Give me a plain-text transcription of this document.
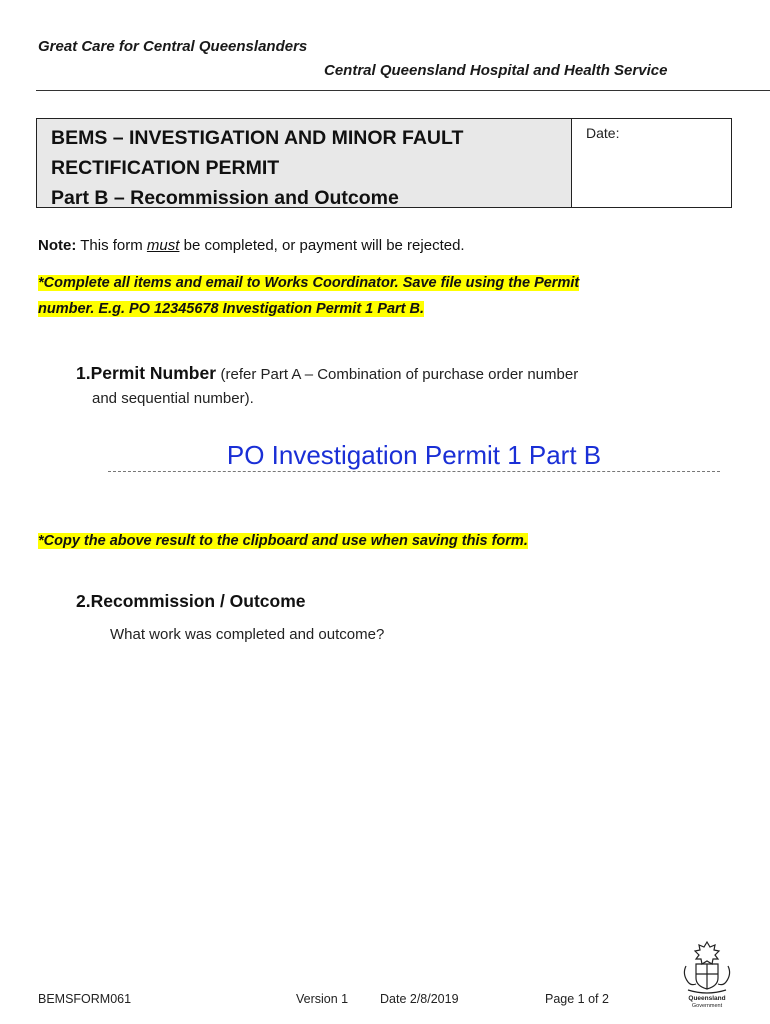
Great Care for Central Queenslanders
Central Queensland Hospital and Health Service
BEMS – INVESTIGATION AND MINOR FAULT
RECTIFICATION PERMIT
Part B – Recommission and Outcome
Date:
Note: This form must be completed, or payment will be rejected.
*Complete all items and email to Works Coordinator. Save file using the Permit
number. E.g. PO 12345678 Investigation Permit 1 Part B.
1.Permit Number (refer Part A – Combination of purchase order number
and sequential number).
PO Investigation Permit 1 Part B
*Copy the above result to the clipboard and use when saving this form.
2.Recommission / Outcome
What work was completed and outcome?
BEMSFORM061	Version 1	Date 2/8/2019	Page 1 of 2	Queensland
Government
